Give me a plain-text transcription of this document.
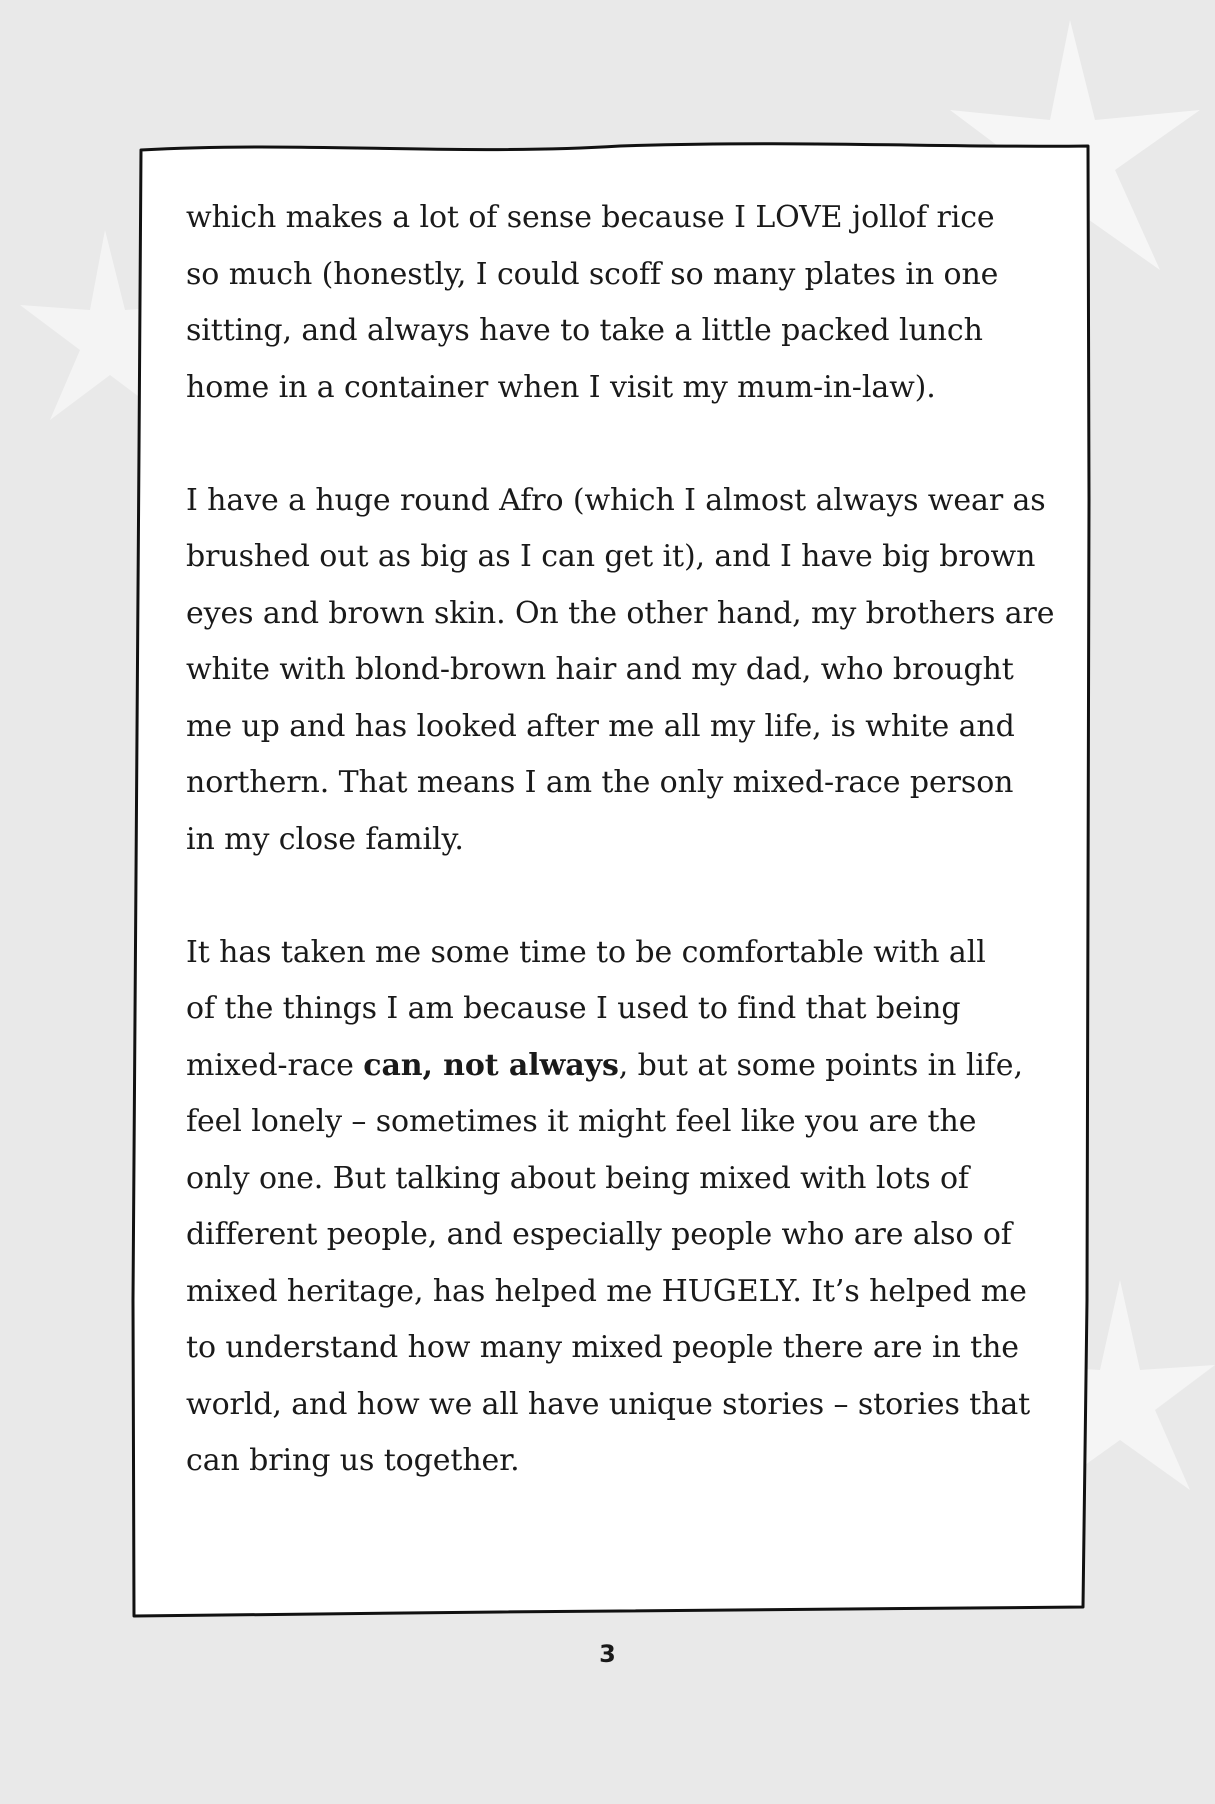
which makes a lot of sense because I LOVE jollof rice
so much (honestly, I could scoff so many plates in one
sitting, and always have to take a little packed lunch
home in a container when I visit my mum-in-law).

I have a huge round Afro (which I almost always wear as
brushed out as big as I can get it), and I have big brown
eyes and brown skin. On the other hand, my brothers are
white with blond-brown hair and my dad, who brought
me up and has looked after me all my life, is white and
northern. That means I am the only mixed-race person
in my close family.

It has taken me some time to be comfortable with all
of the things I am because I used to find that being
mixed-race can, not always, but at some points in life,
feel lonely – sometimes it might feel like you are the
only one. But talking about being mixed with lots of
different people, and especially people who are also of
mixed heritage, has helped me HUGELY. It’s helped me
to understand how many mixed people there are in the
world, and how we all have unique stories – stories that
can bring us together.

3
